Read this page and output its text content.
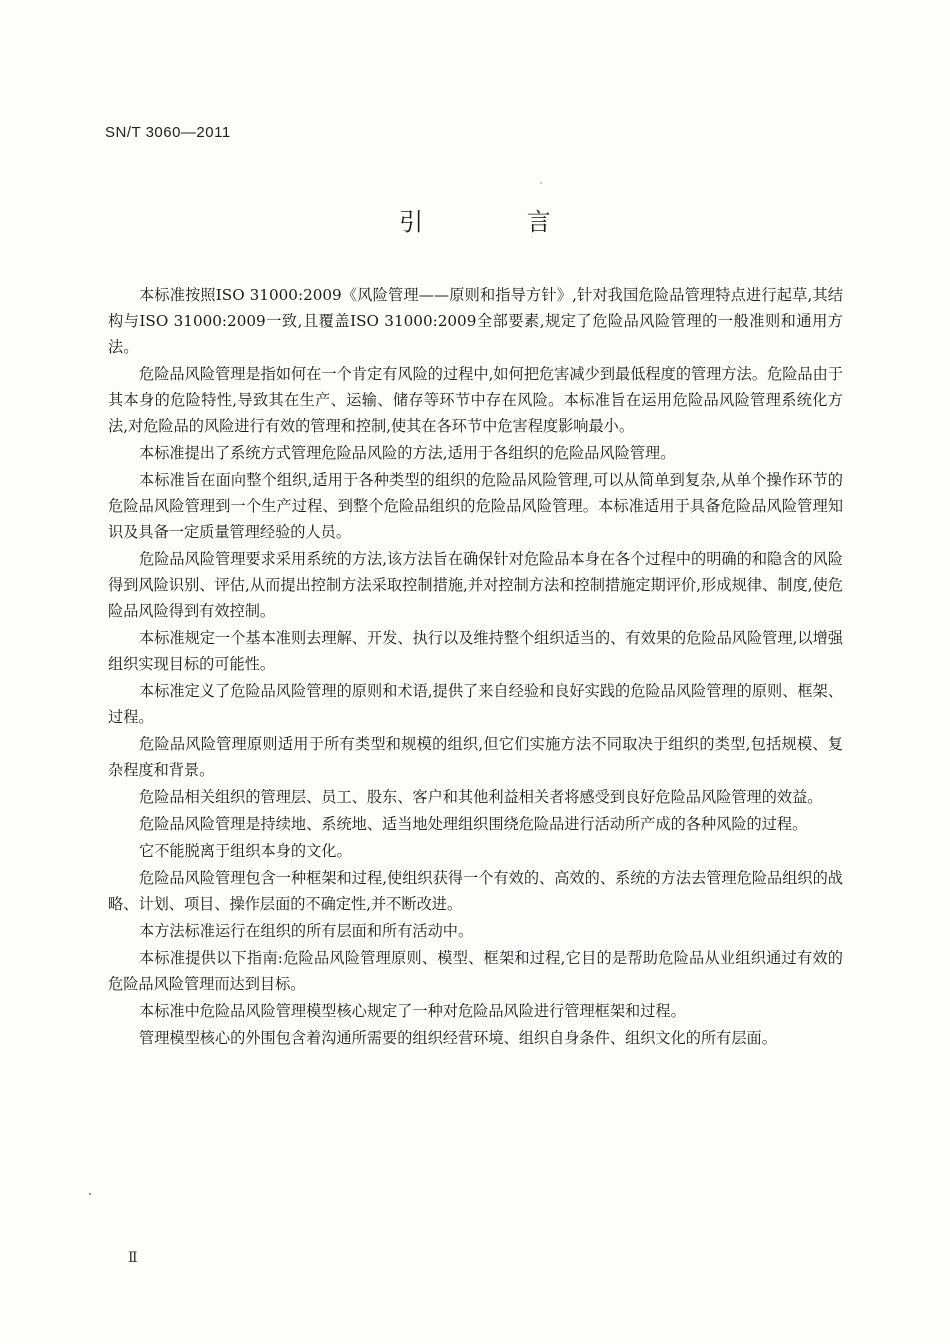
SN/T 3060—2011
引 言

本标准按照ISO 31000:2009《风险管理——原则和指导方针》,针对我国危险品管理特点进行起草,其结构与ISO 31000:2009一致,且覆盖ISO 31000:2009全部要素,规定了危险品风险管理的一般准则和通用方法。

危险品风险管理是指如何在一个肯定有风险的过程中,如何把危害减少到最低程度的管理方法。危险品由于其本身的危险特性,导致其在生产、运输、储存等环节中存在风险。本标准旨在运用危险品风险管理系统化方法,对危险品的风险进行有效的管理和控制,使其在各环节中危害程度影响最小。

本标准提出了系统方式管理危险品风险的方法,适用于各组织的危险品风险管理。

本标准旨在面向整个组织,适用于各种类型的组织的危险品风险管理,可以从简单到复杂,从单个操作环节的危险品风险管理到一个生产过程、到整个危险品组织的危险品风险管理。本标准适用于具备危险品风险管理知识及具备一定质量管理经验的人员。

危险品风险管理要求采用系统的方法,该方法旨在确保针对危险品本身在各个过程中的明确的和隐含的风险得到风险识别、评估,从而提出控制方法采取控制措施,并对控制方法和控制措施定期评价,形成规律、制度,使危险品风险得到有效控制。

本标准规定一个基本准则去理解、开发、执行以及维持整个组织适当的、有效果的危险品风险管理,以增强组织实现目标的可能性。

本标准定义了危险品风险管理的原则和术语,提供了来自经验和良好实践的危险品风险管理的原则、框架、过程。

危险品风险管理原则适用于所有类型和规模的组织,但它们实施方法不同取决于组织的类型,包括规模、复杂程度和背景。

危险品相关组织的管理层、员工、股东、客户和其他利益相关者将感受到良好危险品风险管理的效益。

危险品风险管理是持续地、系统地、适当地处理组织围绕危险品进行活动所产成的各种风险的过程。

它不能脱离于组织本身的文化。

危险品风险管理包含一种框架和过程,使组织获得一个有效的、高效的、系统的方法去管理危险品组织的战略、计划、项目、操作层面的不确定性,并不断改进。

本方法标准运行在组织的所有层面和所有活动中。

本标准提供以下指南:危险品风险管理原则、模型、框架和过程,它目的是帮助危险品从业组织通过有效的危险品风险管理而达到目标。

本标准中危险品风险管理模型核心规定了一种对危险品风险进行管理框架和过程。

管理模型核心的外围包含着沟通所需要的组织经营环境、组织自身条件、组织文化的所有层面。

Ⅱ
